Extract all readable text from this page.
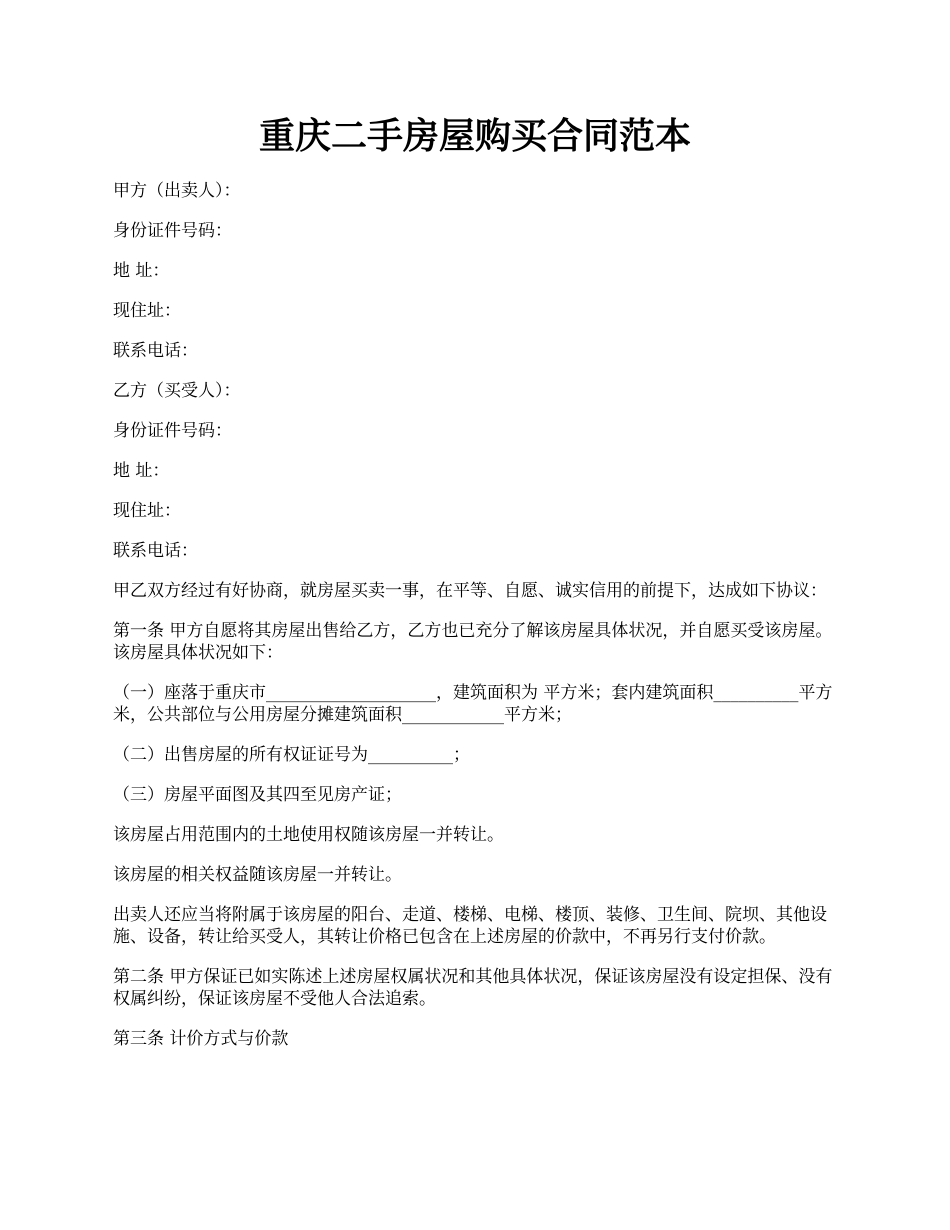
重庆二手房屋购买合同范本

甲方（出卖人）：

身份证件号码：

地 址：

现住址：

联系电话：

乙方（买受人）：

身份证件号码：

地 址：

现住址：

联系电话：

甲乙双方经过有好协商，就房屋买卖一事，在平等、自愿、诚实信用的前提下，达成如下协议：

第一条 甲方自愿将其房屋出售给乙方，乙方也已充分了解该房屋具体状况，并自愿买受该房屋。该房屋具体状况如下：

（一）座落于重庆市____________________，建筑面积为 平方米；套内建筑面积__________平方米，公共部位与公用房屋分摊建筑面积____________平方米；

（二）出售房屋的所有权证证号为__________；

（三）房屋平面图及其四至见房产证；

该房屋占用范围内的土地使用权随该房屋一并转让。

该房屋的相关权益随该房屋一并转让。

出卖人还应当将附属于该房屋的阳台、走道、楼梯、电梯、楼顶、装修、卫生间、院坝、其他设施、设备，转让给买受人，其转让价格已包含在上述房屋的价款中，不再另行支付价款。

第二条 甲方保证已如实陈述上述房屋权属状况和其他具体状况，保证该房屋没有设定担保、没有权属纠纷，保证该房屋不受他人合法追索。

第三条 计价方式与价款
